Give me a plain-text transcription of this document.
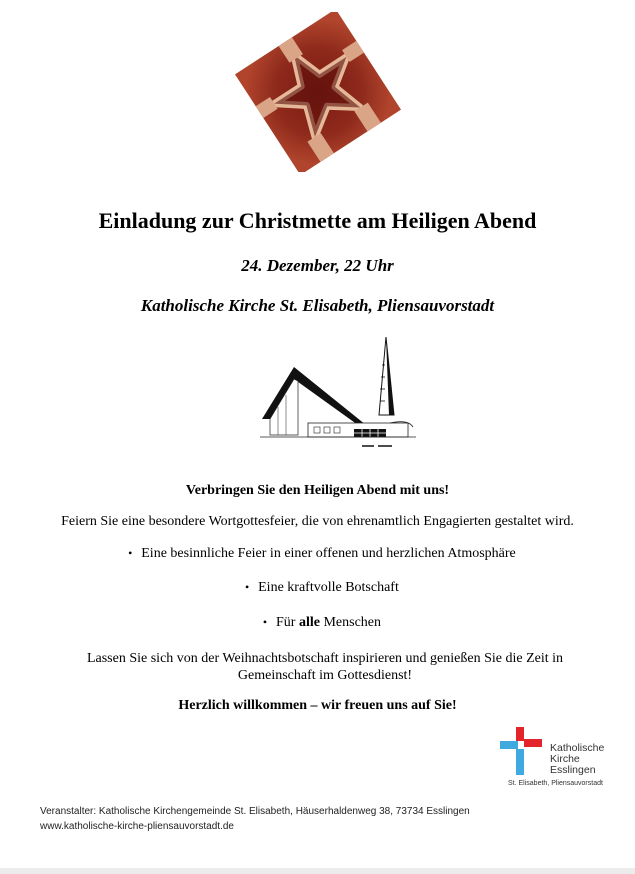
Einladung zur Christmette am Heiligen Abend
24. Dezember, 22 Uhr
Katholische Kirche St. Elisabeth, Pliensauvorstadt
Verbringen Sie den Heiligen Abend mit uns!
Feiern Sie eine besondere Wortgottesfeier, die von ehrenamtlich Engagierten gestaltet wird.
• Eine besinnliche Feier in einer offenen und herzlichen Atmosphäre
• Eine kraftvolle Botschaft
• Für alle Menschen
Lassen Sie sich von der Weihnachtsbotschaft inspirieren und genießen Sie die Zeit in Gemeinschaft im Gottesdienst!
Herzlich willkommen – wir freuen uns auf Sie!
Katholische
Kirche
Esslingen
St. Elisabeth, Pliensauvorstadt
Veranstalter: Katholische Kirchengemeinde St. Elisabeth, Häuserhaldenweg 38, 73734 Esslingen
www.katholische-kirche-pliensauvorstadt.de
